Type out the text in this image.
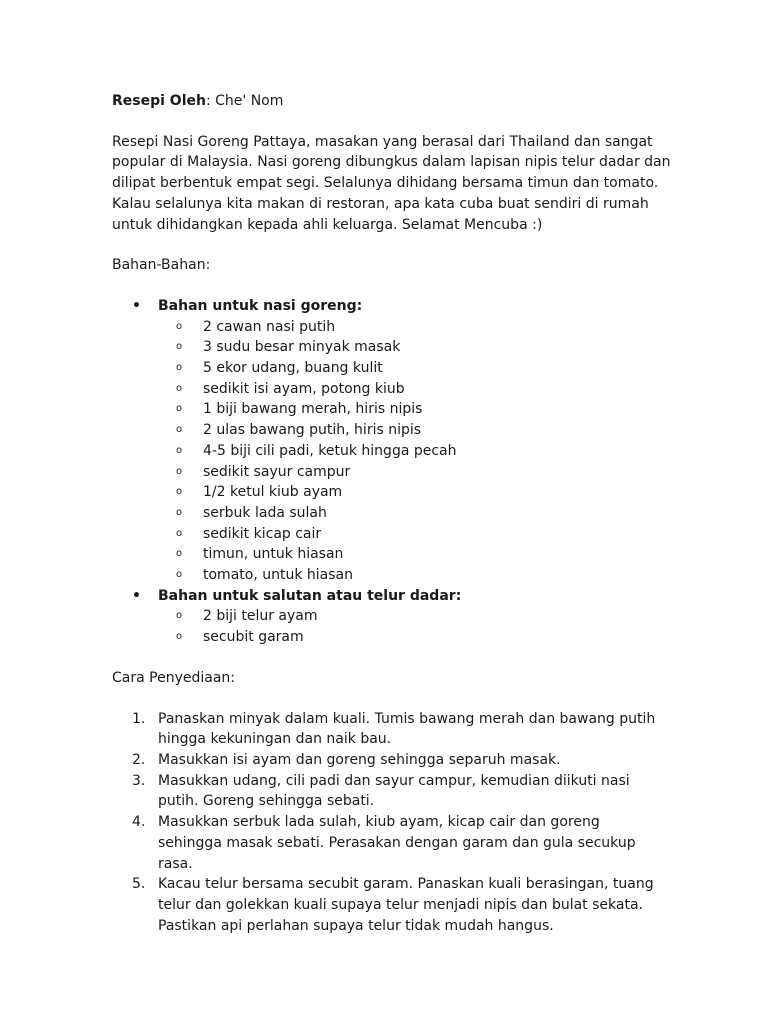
Resepi Oleh: Che' Nom

Resepi Nasi Goreng Pattaya, masakan yang berasal dari Thailand dan sangat popular di Malaysia. Nasi goreng dibungkus dalam lapisan nipis telur dadar dan dilipat berbentuk empat segi. Selalunya dihidang bersama timun dan tomato. Kalau selalunya kita makan di restoran, apa kata cuba buat sendiri di rumah untuk dihidangkan kepada ahli keluarga. Selamat Mencuba :)

Bahan-Bahan:

• Bahan untuk nasi goreng:
o 2 cawan nasi putih
o 3 sudu besar minyak masak
o 5 ekor udang, buang kulit
o sedikit isi ayam, potong kiub
o 1 biji bawang merah, hiris nipis
o 2 ulas bawang putih, hiris nipis
o 4-5 biji cili padi, ketuk hingga pecah
o sedikit sayur campur
o 1/2 ketul kiub ayam
o serbuk lada sulah
o sedikit kicap cair
o timun, untuk hiasan
o tomato, untuk hiasan
• Bahan untuk salutan atau telur dadar:
o 2 biji telur ayam
o secubit garam

Cara Penyediaan:

1. Panaskan minyak dalam kuali. Tumis bawang merah dan bawang putih hingga kekuningan dan naik bau.
2. Masukkan isi ayam dan goreng sehingga separuh masak.
3. Masukkan udang, cili padi dan sayur campur, kemudian diikuti nasi putih. Goreng sehingga sebati.
4. Masukkan serbuk lada sulah, kiub ayam, kicap cair dan goreng sehingga masak sebati. Perasakan dengan garam dan gula secukup rasa.
5. Kacau telur bersama secubit garam. Panaskan kuali berasingan, tuang telur dan golekkan kuali supaya telur menjadi nipis dan bulat sekata. Pastikan api perlahan supaya telur tidak mudah hangus.
